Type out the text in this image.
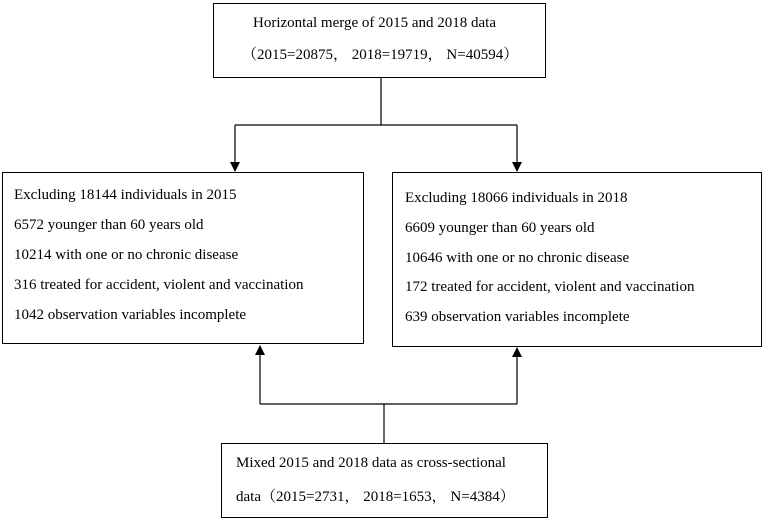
Horizontal merge of 2015 and 2018 data
（2015=20875， 2018=19719， N=40594）
Excluding 18144 individuals in 2015
6572 younger than 60 years old
10214 with one or no chronic disease
316 treated for accident, violent and vaccination
1042 observation variables incomplete
Excluding 18066 individuals in 2018
6609 younger than 60 years old
10646 with one or no chronic disease
172 treated for accident, violent and vaccination
639 observation variables incomplete
Mixed 2015 and 2018 data as cross-sectional
data（2015=2731， 2018=1653， N=4384）
